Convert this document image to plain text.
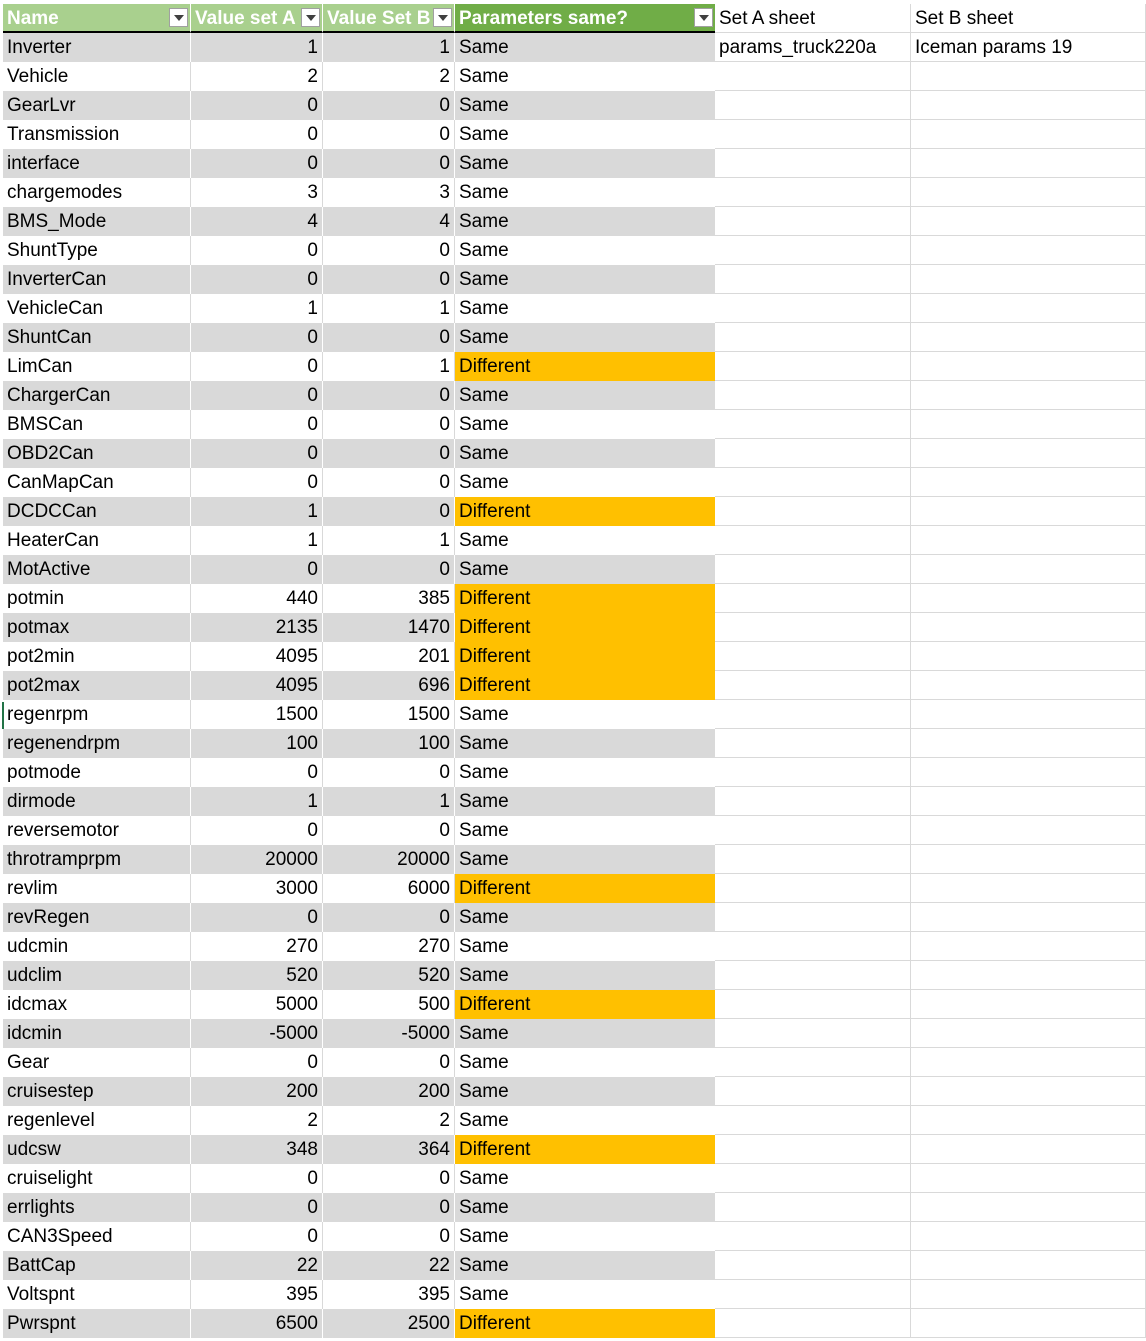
Name	Value set A	Value Set B	Parameters same?	Set A sheet	Set B sheet
Inverter	1	1 Same	params_truck220a	Iceman params 19
Vehicle	2	2 Same
GearLvr	0	0 Same
Transmission	0	0 Same
interface	0	0 Same
chargemodes	3	3 Same
BMS_Mode	4	4 Same
ShuntType	0	0 Same
InverterCan	0	0 Same
VehicleCan	1	1 Same
ShuntCan	0	0 Same
LimCan	0	1 Different
ChargerCan	0	0 Same
BMSCan	0	0 Same
OBD2Can	0	0 Same
CanMapCan	0	0 Same
DCDCCan	1	0 Different
HeaterCan	1	1 Same
MotActive	0	0 Same
potmin	440	385 Different
potmax	2135	1470 Different
pot2min	4095	201 Different
pot2max	4095	696 Different
regenrpm	1500	1500 Same
regenendrpm	100	100 Same
potmode	0	0 Same
dirmode	1	1 Same
reversemotor	0	0 Same
throtramprpm	20000	20000 Same
revlim	3000	6000 Different
revRegen	0	0 Same
udcmin	270	270 Same
udclim	520	520 Same
idcmax	5000	500 Different
idcmin	-5000	-5000 Same
Gear	0	0 Same
cruisestep	200	200 Same
regenlevel	2	2 Same
udcsw	348	364 Different
cruiselight	0	0 Same
errlights	0	0 Same
CAN3Speed	0	0 Same
BattCap	22	22 Same
Voltspnt	395	395 Same
Pwrspnt	6500	2500 Different
